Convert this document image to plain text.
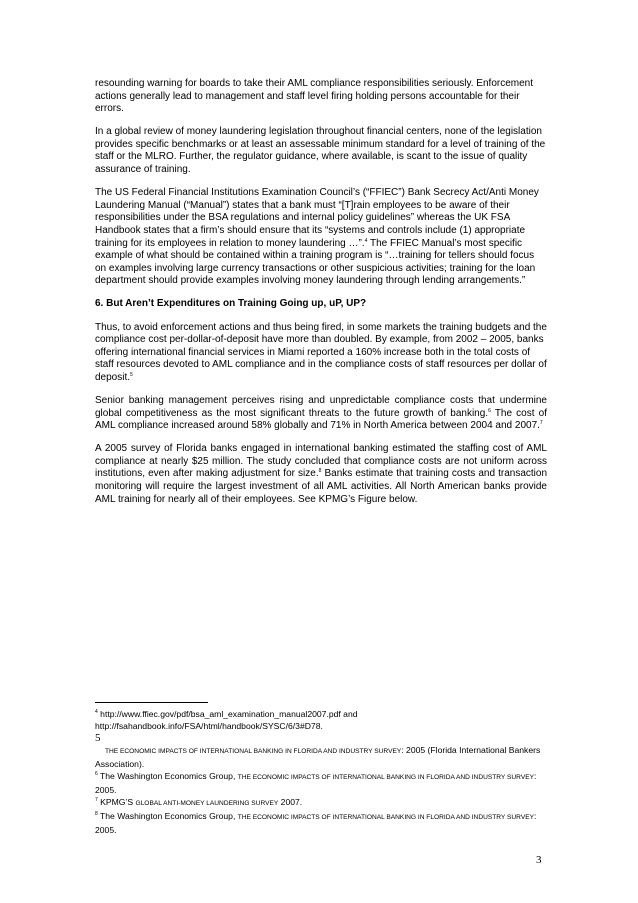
resounding warning for boards to take their AML compliance responsibilities seriously. Enforcement actions generally lead to management and staff level firing holding persons accountable for their errors.

In a global review of money laundering legislation throughout financial centers, none of the legislation provides specific benchmarks or at least an assessable minimum standard for a level of training of the staff or the MLRO. Further, the regulator guidance, where available, is scant to the issue of quality assurance of training.

The US Federal Financial Institutions Examination Council’s (“FFIEC”) Bank Secrecy Act/Anti Money Laundering Manual (“Manual”) states that a bank must “[T]rain employees to be aware of their responsibilities under the BSA regulations and internal policy guidelines” whereas the UK FSA Handbook states that a firm’s should ensure that its “systems and controls include (1) appropriate training for its employees in relation to money laundering …”.$^4$ The FFIEC Manual’s most specific example of what should be contained within a training program is “…training for tellers should focus on examples involving large currency transactions or other suspicious activities; training for the loan department should provide examples involving money laundering through lending arrangements.”

6. But Aren’t Expenditures on Training Going up, uP, UP?

Thus, to avoid enforcement actions and thus being fired, in some markets the training budgets and the compliance cost per-dollar-of-deposit have more than doubled. By example, from 2002 – 2005, banks offering international financial services in Miami reported a 160% increase both in the total costs of staff resources devoted to AML compliance and in the compliance costs of staff resources per dollar of deposit.$^5$

Senior banking management perceives rising and unpredictable compliance costs that undermine global competitiveness as the most significant threats to the future growth of banking.$^6$ The cost of AML compliance increased around 58% globally and 71% in North America between 2004 and 2007.$^7$

A 2005 survey of Florida banks engaged in international banking estimated the staffing cost of AML compliance at nearly $25 million. The study concluded that compliance costs are not uniform across institutions, even after making adjustment for size.$^8$ Banks estimate that training costs and transaction monitoring will require the largest investment of all AML activities. All North American banks provide AML training for nearly all of their employees. See KPMG’s Figure below.

$^4$ http://www.ffiec.gov/pdf/bsa_aml_examination_manual2007.pdf and http://fsahandbook.info/FSA/html/handbook/SYSC/6/3#D78.

5
THE ECONOMIC IMPACTS OF INTERNATIONAL BANKING IN FLORIDA AND INDUSTRY SURVEY: 2005 (Florida International Bankers Association).

$^6$ The Washington Economics Group, THE ECONOMIC IMPACTS OF INTERNATIONAL BANKING IN FLORIDA AND INDUSTRY SURVEY: 2005.

$^7$ KPMG’S GLOBAL ANTI-MONEY LAUNDERING SURVEY 2007.

$^8$ The Washington Economics Group, THE ECONOMIC IMPACTS OF INTERNATIONAL BANKING IN FLORIDA AND INDUSTRY SURVEY: 2005.

3
